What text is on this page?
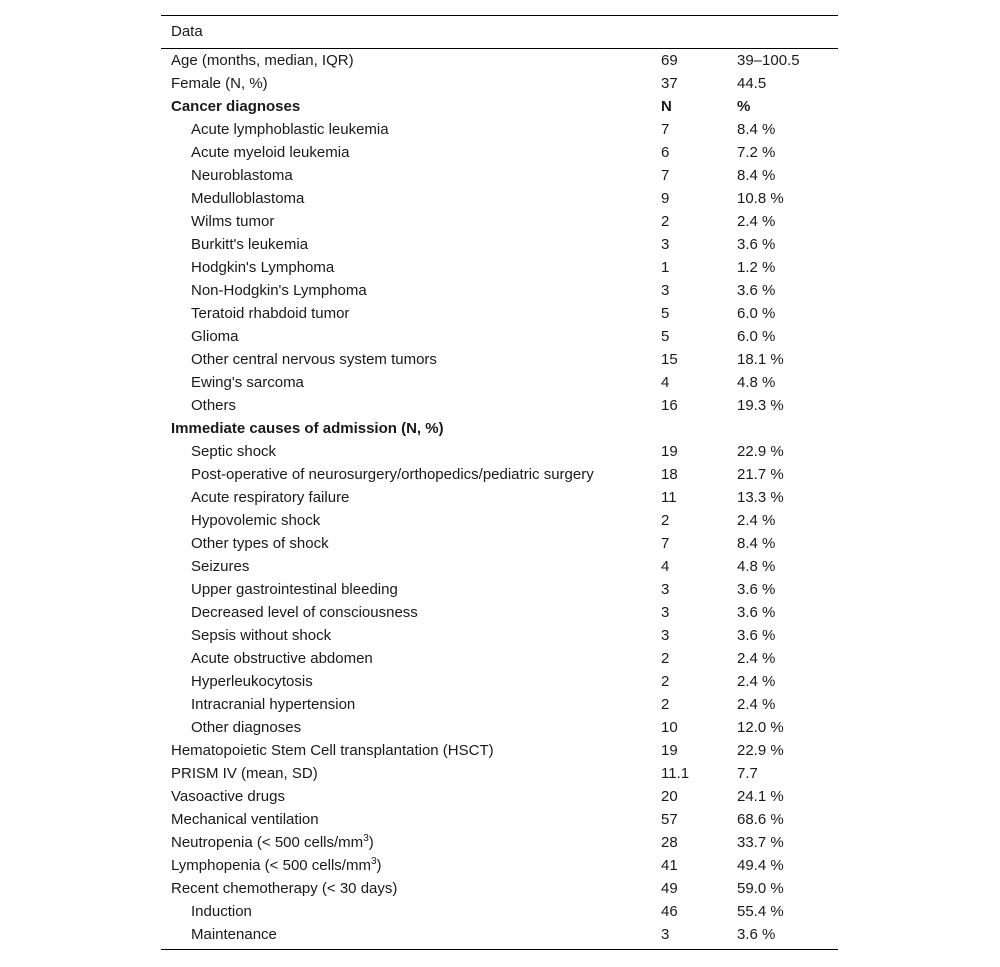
Data
Age (months, median, IQR)	69	39–100.5
Female (N, %)	37	44.5
Cancer diagnoses	N	%
Acute lymphoblastic leukemia	7	8.4 %
Acute myeloid leukemia	6	7.2 %
Neuroblastoma	7	8.4 %
Medulloblastoma	9	10.8 %
Wilms tumor	2	2.4 %
Burkitt's leukemia	3	3.6 %
Hodgkin's Lymphoma	1	1.2 %
Non-Hodgkin's Lymphoma	3	3.6 %
Teratoid rhabdoid tumor	5	6.0 %
Glioma	5	6.0 %
Other central nervous system tumors	15	18.1 %
Ewing's sarcoma	4	4.8 %
Others	16	19.3 %
Immediate causes of admission (N, %)
Septic shock	19	22.9 %
Post-operative of neurosurgery/orthopedics/pediatric surgery	18	21.7 %
Acute respiratory failure	11	13.3 %
Hypovolemic shock	2	2.4 %
Other types of shock	7	8.4 %
Seizures	4	4.8 %
Upper gastrointestinal bleeding	3	3.6 %
Decreased level of consciousness	3	3.6 %
Sepsis without shock	3	3.6 %
Acute obstructive abdomen	2	2.4 %
Hyperleukocytosis	2	2.4 %
Intracranial hypertension	2	2.4 %
Other diagnoses	10	12.0 %
Hematopoietic Stem Cell transplantation (HSCT)	19	22.9 %
PRISM IV (mean, SD)	11.1	7.7
Vasoactive drugs	20	24.1 %
Mechanical ventilation	57	68.6 %
Neutropenia (< 500 cells/$mm^3$)	28	33.7 %
Lymphopenia (< 500 cells/$mm^3$)	41	49.4 %
Recent chemotherapy (< 30 days)	49	59.0 %
Induction	46	55.4 %
Maintenance	3	3.6 %
